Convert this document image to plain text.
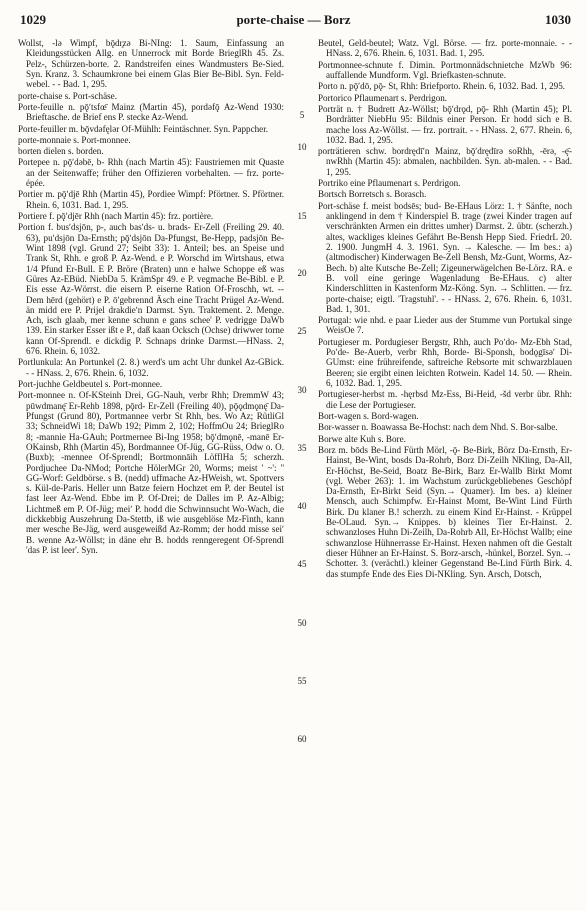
1029	porte-chaise — Borz	1030

Wollst, -lə Wimpf, bǭdr̥zə Bi-NIng: 1. Saum, Einfassung an Kleidungsstücken Allg. en Unnerrock mit Borde BrieglRh 45. Zs. Pelz-, Schürzen-borte. 2. Randstreifen eines Wandmusters Be-Sied. Syn. Kranz. 3. Schaumkrone bei einem Glas Bier Be-Bibl. Syn. Feld-webel. - - Bad. 1, 295.

porte-chaise s. Port-schäse.

Porte-feuille n. pǭʹtsfœ̄ Mainz (Martin 45), pordəfǭ Az-Wend 1930: Brieftasche. de Brief ens P. stecke Az-Wend.

Porte-feuiller m. bǭvdəfęlər Of-Mühlh: Feintäschner. Syn. Pappcher.

porte-monnaie s. Port-monnee.

borten dielen s. borden.

Portepee n. pǭʹdəbē, b- Rhh (nach Martin 45): Faustriemen mit Quaste an der Seitenwaffe; früher den Offizieren vorbehalten. — frz. porte-épée.

Portier m. pǭʹdjē Rhh (Martin 45), Pordiee Wimpf: Pförtner. S. Pförtner. Rhein. 6, 1031. Bad. 1, 295.

Portiere f. pǭʹdjēr Rhh (nach Martin 45): frz. portière.

Portion f. busʹdsjōn, p-, auch basʹds- u. brads- Er-Zell (Freiling 29. 40. 63), puʹdsjōn Da-Ernsth; pǭʹdsjōn Da-Pfungst, Be-Hepp, padsjōn Be-Wint 1898 (vgl. Grund 27; Seibt 33): 1. Anteil; bes. an Speise und Trank St, Rhh. e groß P. Az-Wend. e P. Worschd im Wirtshaus, etwa 1/4 Pfund Er-Bull. E P. Bröre (Braten) unn e halwe Schoppe eß was Güres Az-EBüd. NiebDa 5. KrämSpr 49. e P. vegmache Be-Bibl. e P. Eis esse Az-Wörrst. die eisern P. eiserne Ration Of-Froschh, wt. -- Dem hērd (gehört) e P. ōʹgebrennd Äsch eine Tracht Prügel Az-Wend. än midd ere P. Prijel drakdieʹn Darmst. Syn. Traktement. 2. Menge. Ach, isch glaab, mer kenne schunn e gans schee' P. vedrigge DaWb 139. Ein starker Esser ißt e P., daß kaan Ocksch (Ochse) driwwer torne kann Of-Sprendl. e dickdig P. Schnaps drinke Darmst.—HNass. 2, 676. Rhein. 6, 1032.

Portlunkula: An Portunkel (2. 8.) werd's um acht Uhr dunkel Az-GBick. - - HNass. 2, 676. Rhein. 6, 1032.

Port-juchhe Geldbeutel s. Port-monnee.

Port-monnee n. Of-KSteinh Drei, GG-Nauh, verbr Rhh; DremmW 43; pūwdmanę̄ Er-Rehb 1898, pǭrd- Er-Zell (Freiling 40), pǭǫdmǫnę̄ Da-Pfungst (Grund 80), Portmannee verbr St Rhh, bes. Wo Az; RütliGl 33; SchneidWi 18; DaWb 192; Pimm 2, 102; HoffmOu 24; BrieglRo 8; -mannie Ha-GAuh; Portmernee Bi-Ing 1958; bǭʹdmǫnē, -manē Er-OKainsb, Rhh (Martin 45), Bordmannee Of-Jüg, GG-Rüss, Odw o. O. (Buxb); -mennee Of-Sprendl; Bortmonnāih LöfflHa 5; scherzh. Pordjuchee Da-NMod; Portche HölerMGr 20, Worms; meist ' ~': '' GG-Worf: Geldbörse. s B. (nedd) uffmache Az-HWeish, wt. Spottvers s. Kül-de-Paris. Heller unn Batze feiern Hochzet em P. der Beutel ist fast leer Az-Wend. Ebbe im P. Of-Drei; de Dalles im P. Az-Albig; Lichtmeß em P. Of-Jüg; meiʹ P. hodd die Schwinnsucht Wo-Wach, die dickkebbig Auszehrung Da-Stettb, iß wie ausgeblöse Mz-Finth, kann mer wesche Be-Jäg, werd ausgeweißd Az-Romm; der hodd misse seiʹ B. wenne Az-Wöllst; in däne ehr B. hodds renngeregent Of-Sprendl 'das P. ist leer'. Syn.

5
10
15
20
25
30
35
40
45
50
55
60

Beutel, Geld-beutel; Watz. Vgl. Börse. — frz. porte-monnaie. - - HNass. 2, 676. Rhein. 6, 1031. Bad. 1, 295.

Portmonnee-schnute f. Dimin. Portmonnädschnietche MzWb 96: auffallende Mundform. Vgl. Briefkasten-schnute.

Porto n. pǭʹdō, pǭ- St, Rhh: Briefporto. Rhein. 6, 1032. Bad. 1, 295.

Portorico Pflaumenart s. Perdrigon.

Porträt n. † Budrett Az-Wöllst; bǭʹdrǫd, pǭ- Rhh (Martin 45); Pl. Bordrätter NiebHu 95: Bildnis einer Person. Er hodd sich e B. mache loss Az-Wöllst. — frz. portrait. - - HNass. 2, 677. Rhein. 6, 1032. Bad. 1, 295.

porträtieren schw. bordrędīʹn Mainz, bǭʹdrędīrə soRhh, -ērə, -ę̄- nwRhh (Martin 45): abmalen, nachbilden. Syn. ab-malen. - - Bad. 1, 295.

Portriko eine Pflaumenart s. Perdrigon.

Bortsch Borretsch s. Borasch.

Port-schäse f. meist bodsēs; bud- Be-EHaus Lörz: 1. † Sänfte, noch anklingend in dem † Kinderspiel B. trage (zwei Kinder tragen auf verschränkten Armen ein drittes umher) Darmst. 2. übtr. (scherzh.) altes, wackliges kleines Gefährt Be-Bensh Hepp Sied. FriedrL 20. 2. 1900. JungmH 4. 3. 1961. Syn. → Kalesche. — Im bes.: a) (altmodischer) Kinderwagen Be-Zell Bensh, Mz-Gunt, Worms, Az-Bech. b) alte Kutsche Be-Zell; Zigeunerwägelchen Be-Lörz. RA. e B. voll eine geringe Wagenladung Be-EHaus. c) alter Kinderschlitten in Kastenform Mz-Köng. Syn. → Schlitten. — frz. porte-chaise; eigtl. 'Tragstuhl'. - - HNass. 2, 676. Rhein. 6, 1031. Bad. 1, 301.

Portugal: wie nhd. e paar Lieder aus der Stumme vun Portukal singe WeisOe 7.

Portugieser m. Pordugieser Bergstr, Rhh, auch Poʹdo- Mz-Ebh Stad, Poʹde- Be-Auerb, verbr Rhh, Borde- Bi-Sponsh, bodǫgīsəʹ Di-GUmst: eine frühreifende, saftreiche Rebsorte mit schwarzblauen Beeren; sie ergibt einen leichten Rotwein. Kadel 14. 50. — Rhein. 6, 1032. Bad. 1, 295.

Portugieser-herbst m. -hęrbsd Mz-Ess, Bi-Heid, -šd verbr übr. Rhh: die Lese der Portugieser.

Bort-wagen s. Bord-wagen.

Bor-wasser n. Boawassa Be-Hochst: nach dem Nhd. S. Bor-salbe.

Borwe alte Kuh s. Bore.

Borz m. bōds Be-Lind Fürth Mörl, -ǭ- Be-Birk, Börz Da-Ernsth, Er-Hainst, Be-Wint, bosds Da-Rohrb, Borz Di-Zeilh NKling, Da-All, Er-Höchst, Be-Seid, Boatz Be-Birk, Barz Er-Wallb Birkt Momt (vgl. Weber 263): 1. im Wachstum zurückgebliebenes Geschöpf Da-Ernsth, Er-Birkt Seid (Syn.→ Quamer). Im bes. a) kleiner Mensch, auch Schimpfw. Er-Hainst Momt, Be-Wint Lind Fürth Birk. Du klaner B.! scherzh. zu einem Kind Er-Hainst. - Krüppel Be-OLaud. Syn.→ Knippes. b) kleines Tier Er-Hainst. 2. schwanzloses Huhn Di-Zeilh, Da-Rohrb All, Er-Höchst Wallb; eine schwanzlose Hühnerrasse Er-Hainst. Hexen nahmen oft die Gestalt dieser Hühner an Er-Hainst. S. Borz-arsch, -hünkel, Borzel. Syn.→ Schotter. 3. (verächtl.) kleiner Gegenstand Be-Lind Fürth Birk. 4. das stumpfe Ende des Eies Di-NKling. Syn. Arsch, Dotsch,
